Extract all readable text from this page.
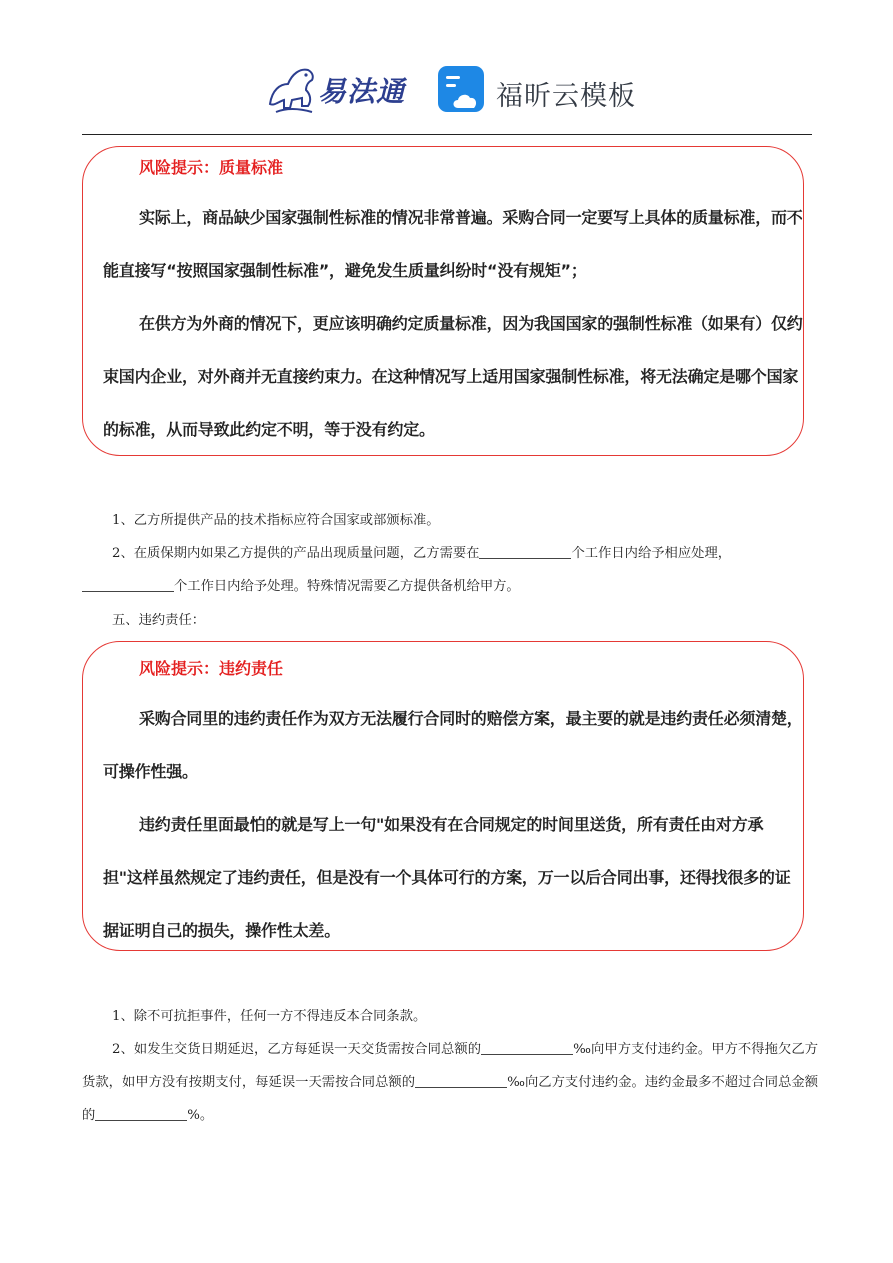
易法通	福昕云模板
风险提示：质量标准
实际上，商品缺少国家强制性标准的情况非常普遍。采购合同一定要写上具体的质量标准，而不能直接写“按照国家强制性标准”，避免发生质量纠纷时“没有规矩”；
在供方为外商的情况下，更应该明确约定质量标准，因为我国国家的强制性标准（如果有）仅约束国内企业，对外商并无直接约束力。在这种情况写上适用国家强制性标准，将无法确定是哪个国家的标准，从而导致此约定不明，等于没有约定。

1、乙方所提供产品的技术指标应符合国家或部颁标准。

2、在质保期内如果乙方提供的产品出现质量问题，乙方需要在	个工作日内给予相应处理，

个工作日内给予处理。特殊情况需要乙方提供备机给甲方。

五、违约责任：
风险提示：违约责任
采购合同里的违约责任作为双方无法履行合同时的赔偿方案，最主要的就是违约责任必须清楚，可操作性强。
违约责任里面最怕的就是写上一句"如果没有在合同规定的时间里送货，所有责任由对方承担"这样虽然规定了违约责任，但是没有一个具体可行的方案，万一以后合同出事，还得找很多的证据证明自己的损失，操作性太差。

1、除不可抗拒事件，任何一方不得违反本合同条款。

2、如发生交货日期延迟，乙方每延误一天交货需按合同总额的	‰向甲方支付违约金。甲方不得拖欠乙方货款，如甲方没有按期支付，每延误一天需按合同总额的	‰向乙方支付违约金。违约金最多不超过合同总金额的	%。
